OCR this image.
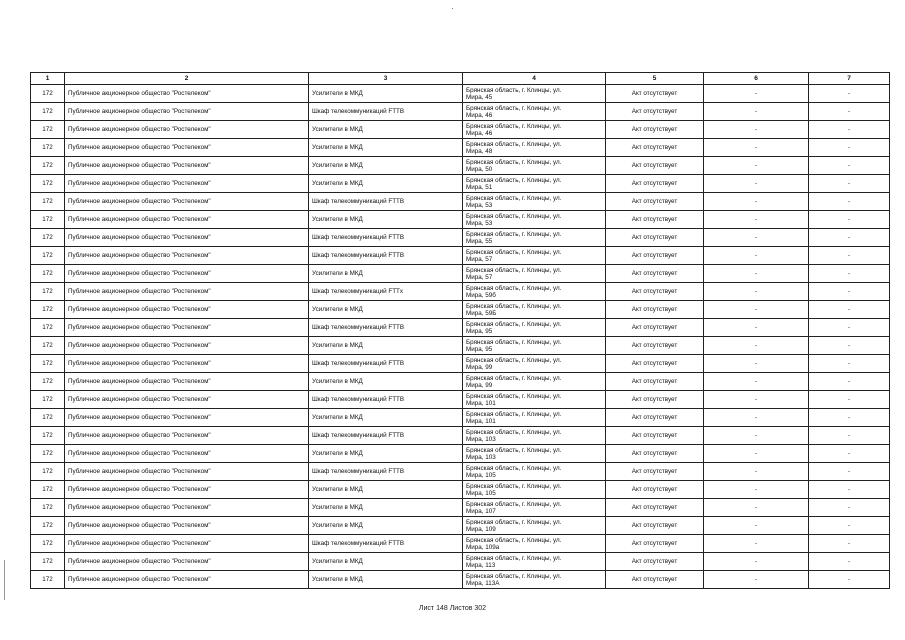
1	2	3	4	5	6	7
172	Публичное акционерное общество "Ростелеком"	Усилители в МКД	Брянская область, г. Клинцы, ул.
Мира, 45	Акт отсутствует	-	-
172	Публичное акционерное общество "Ростелеком"	Шкаф телекоммуникаций FTTB	Брянская область, г. Клинцы, ул.
Мира, 46	Акт отсутствует	-	-
172	Публичное акционерное общество "Ростелеком"	Усилители в МКД	Брянская область, г. Клинцы, ул.
Мира, 46	Акт отсутствует	-	-
172	Публичное акционерное общество "Ростелеком"	Усилители в МКД	Брянская область, г. Клинцы, ул.
Мира, 48	Акт отсутствует	-	-
172	Публичное акционерное общество "Ростелеком"	Усилители в МКД	Брянская область, г. Клинцы, ул.
Мира, 50	Акт отсутствует	-	-
172	Публичное акционерное общество "Ростелеком"	Усилители в МКД	Брянская область, г. Клинцы, ул.
Мира, 51	Акт отсутствует	-	-
172	Публичное акционерное общество "Ростелеком"	Шкаф телекоммуникаций FTTB	Брянская область, г. Клинцы, ул.
Мира, 53	Акт отсутствует	-	-
172	Публичное акционерное общество "Ростелеком"	Усилители в МКД	Брянская область, г. Клинцы, ул.
Мира, 53	Акт отсутствует	-	-
172	Публичное акционерное общество "Ростелеком"	Шкаф телекоммуникаций FTTB	Брянская область, г. Клинцы, ул.
Мира, 55	Акт отсутствует	-	-
172	Публичное акционерное общество "Ростелеком"	Шкаф телекоммуникаций FTTB	Брянская область, г. Клинцы, ул.
Мира, 57	Акт отсутствует	-	-
172	Публичное акционерное общество "Ростелеком"	Усилители в МКД	Брянская область, г. Клинцы, ул.
Мира, 57	Акт отсутствует	-	-
172	Публичное акционерное общество "Ростелеком"	Шкаф телекоммуникаций FTTx	Брянская область, г. Клинцы, ул.
Мира, 59б	Акт отсутствует	-	-
172	Публичное акционерное общество "Ростелеком"	Усилители в МКД	Брянская область, г. Клинцы, ул.
Мира, 59Б	Акт отсутствует	-	-
172	Публичное акционерное общество "Ростелеком"	Шкаф телекоммуникаций FTTB	Брянская область, г. Клинцы, ул.
Мира, 95	Акт отсутствует	-	-
172	Публичное акционерное общество "Ростелеком"	Усилители в МКД	Брянская область, г. Клинцы, ул.
Мира, 95	Акт отсутствует	-	-
172	Публичное акционерное общество "Ростелеком"	Шкаф телекоммуникаций FTTB	Брянская область, г. Клинцы, ул.
Мира, 99	Акт отсутствует	-	-
172	Публичное акционерное общество "Ростелеком"	Усилители в МКД	Брянская область, г. Клинцы, ул.
Мира, 99	Акт отсутствует	-	-
172	Публичное акционерное общество "Ростелеком"	Шкаф телекоммуникаций FTTB	Брянская область, г. Клинцы, ул.
Мира, 101	Акт отсутствует	-	-
172	Публичное акционерное общество "Ростелеком"	Усилители в МКД	Брянская область, г. Клинцы, ул.
Мира, 101	Акт отсутствует	-	-
172	Публичное акционерное общество "Ростелеком"	Шкаф телекоммуникаций FTTB	Брянская область, г. Клинцы, ул.
Мира, 103	Акт отсутствует	-	-
172	Публичное акционерное общество "Ростелеком"	Усилители в МКД	Брянская область, г. Клинцы, ул.
Мира, 103	Акт отсутствует	-	-
172	Публичное акционерное общество "Ростелеком"	Шкаф телекоммуникаций FTTB	Брянская область, г. Клинцы, ул.
Мира, 105	Акт отсутствует	-	-
172	Публичное акционерное общество "Ростелеком"	Усилители в МКД	Брянская область, г. Клинцы, ул.
Мира, 105	Акт отсутствует	-	-
172	Публичное акционерное общество "Ростелеком"	Усилители в МКД	Брянская область, г. Клинцы, ул.
Мира, 107	Акт отсутствует	-	-
172	Публичное акционерное общество "Ростелеком"	Усилители в МКД	Брянская область, г. Клинцы, ул.
Мира, 109	Акт отсутствует	-	-
172	Публичное акционерное общество "Ростелеком"	Шкаф телекоммуникаций FTTB	Брянская область, г. Клинцы, ул.
Мира, 109а	Акт отсутствует	-	-
172	Публичное акционерное общество "Ростелеком"	Усилители в МКД	Брянская область, г. Клинцы, ул.
Мира, 113	Акт отсутствует	-	-
172	Публичное акционерное общество "Ростелеком"	Усилители в МКД	Брянская область, г. Клинцы, ул.
Мира, 113А	Акт отсутствует	-	-
Лист 148 Листов 302
